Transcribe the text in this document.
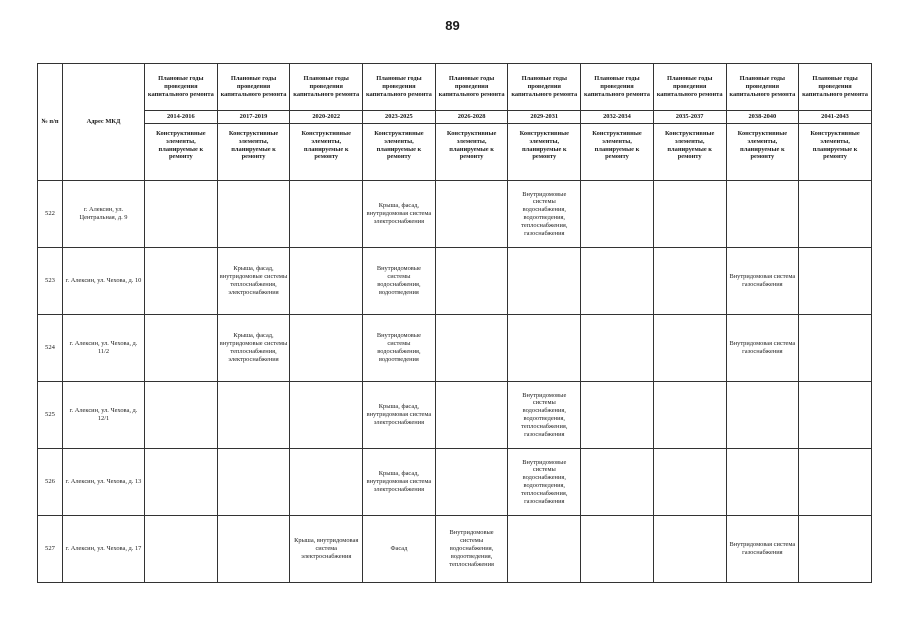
89
№ п/п	Адрес МКД	Плановые годы проведения капитального ремонта	Плановые годы проведения капитального ремонта	Плановые годы проведения капитального ремонта	Плановые годы проведения капитального ремонта	Плановые годы проведения капитального ремонта	Плановые годы проведения капитального ремонта	Плановые годы проведения капитального ремонта	Плановые годы проведения капитального ремонта	Плановые годы проведения капитального ремонта	Плановые годы проведения капитального ремонта
		2014-2016	2017-2019	2020-2022	2023-2025	2026-2028	2029-2031	2032-2034	2035-2037	2038-2040	2041-2043
		Конструктивные элементы, планируемые к ремонту	Конструктивные элементы, планируемые к ремонту	Конструктивные элементы, планируемые к ремонту	Конструктивные элементы, планируемые к ремонту	Конструктивные элементы, планируемые к ремонту	Конструктивные элементы, планируемые к ремонту	Конструктивные элементы, планируемые к ремонту	Конструктивные элементы, планируемые к ремонту	Конструктивные элементы, планируемые к ремонту	Конструктивные элементы, планируемые к ремонту
522	г. Алексин, ул. Центральная, д. 9				Крыша, фасад, внутридомовая система электроснабжения		Внутридомовые системы водоснабжения, водоотведения, теплоснабжения, газоснабжения				
523	г. Алексин, ул. Чехова, д. 10		Крыша, фасад, внутридомовые системы теплоснабжения, электроснабжения		Внутридомовые системы водоснабжения, водоотведения					Внутридомовая система газоснабжения	
524	г. Алексин, ул. Чехова, д. 11/2		Крыша, фасад, внутридомовые системы теплоснабжения, электроснабжения		Внутридомовые системы водоснабжения, водоотведения					Внутридомовая система газоснабжения	
525	г. Алексин, ул. Чехова, д. 12/1				Крыша, фасад, внутридомовая система электроснабжения		Внутридомовые системы водоснабжения, водоотведения, теплоснабжения, газоснабжения				
526	г. Алексин, ул. Чехова, д. 13				Крыша, фасад, внутридомовая система электроснабжения		Внутридомовые системы водоснабжения, водоотведения, теплоснабжения, газоснабжения				
527	г. Алексин, ул. Чехова, д. 17			Крыша, внутридомовая система электроснабжения	Фасад	Внутридомовые системы водоснабжения, водоотведения, теплоснабжения				Внутридомовая система газоснабжения	
